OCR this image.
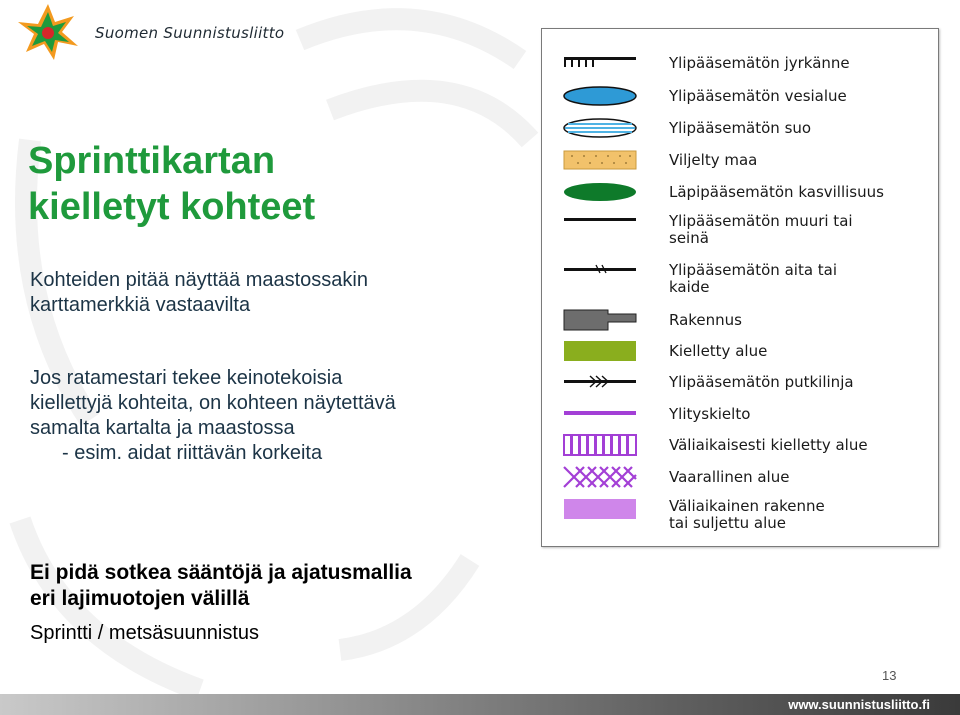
Suomen Suunnistusliitto
Sprinttikartan
kielletyt kohteet

Kohteiden pitää näyttää maastossakin
karttamerkkiä vastaavilta

Jos ratamestari tekee keinotekoisia
kiellettyjä kohteita, on kohteen näytettävä
samalta kartalta ja maastossa
- esim. aidat riittävän korkeita

Ei pidä sotkea sääntöjä ja ajatusmallia
eri lajimuotojen välillä

Sprintti / metsäsuunnistus

Ylipääsemätön jyrkänne
Ylipääsemätön vesialue
Ylipääsemätön suo
Viljelty maa
Läpipääsemätön kasvillisuus
Ylipääsemätön muuri tai
seinä
Ylipääsemätön aita tai
kaide
Rakennus
Kielletty alue
Ylipääsemätön putkilinja
Ylityskielto
Väliaikaisesti kielletty alue
Vaarallinen alue
Väliaikainen rakenne
tai suljettu alue
13
www.suunnistusliitto.fi
